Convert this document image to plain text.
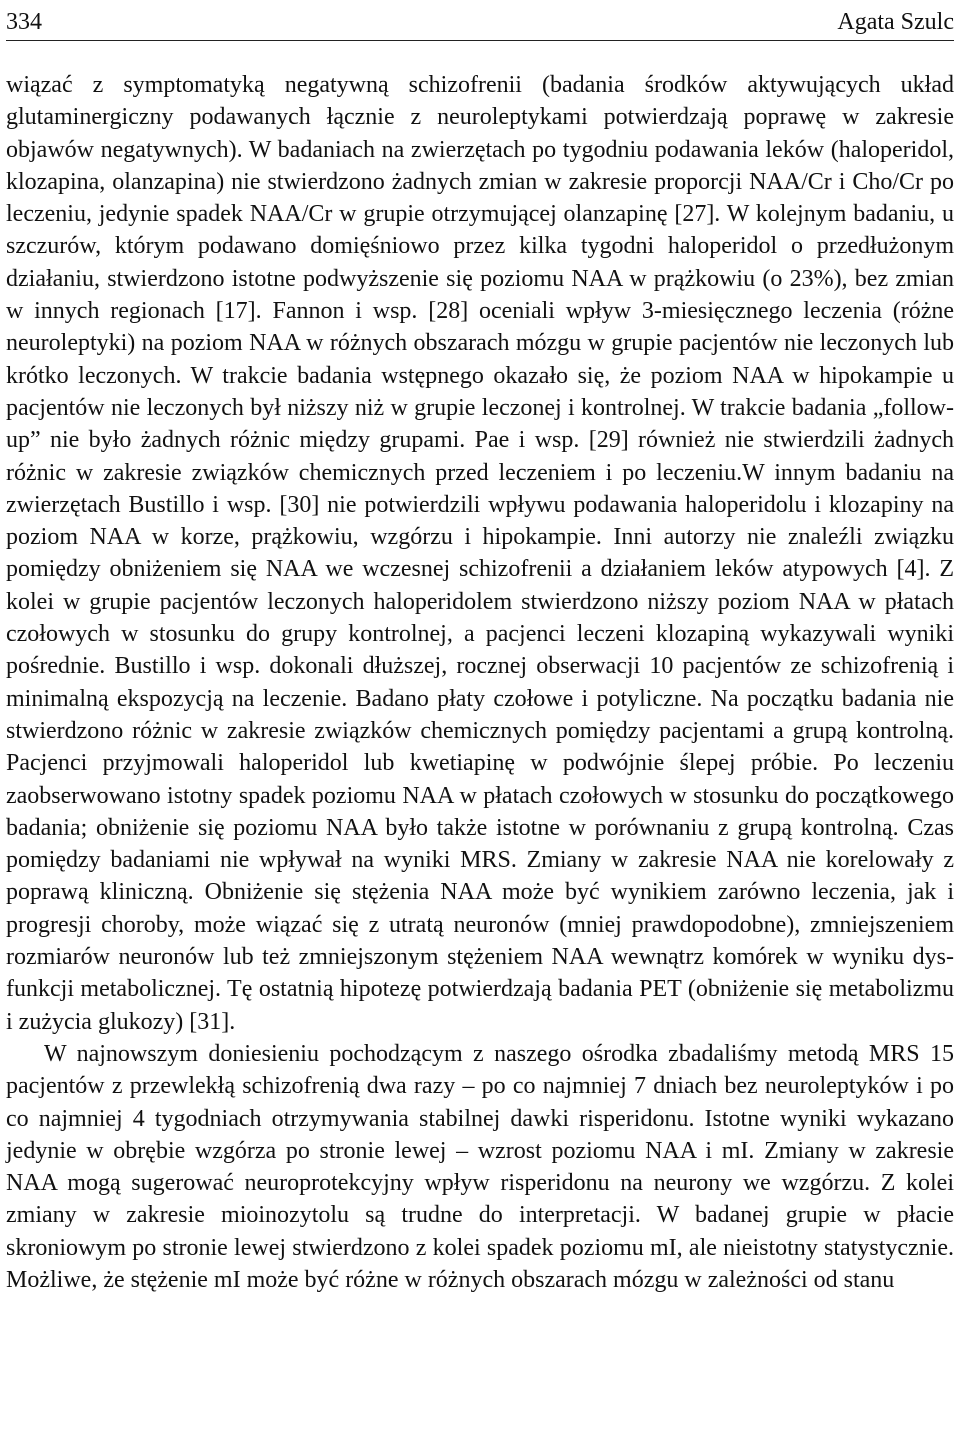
334	Agata Szulc

wiązać z symptomatyką negatywną schizofrenii (badania środków aktywujących układ glutaminergiczny podawanych łącznie z neuroleptykami potwierdzają poprawę w zakresie objawów negatywnych). W badaniach na zwierzętach po tygodniu podawania leków (haloperidol, klozapina, olanzapina) nie stwierdzono żadnych zmian w zakresie proporcji NAA/Cr i Cho/Cr po leczeniu, jedynie spadek NAA/Cr w grupie otrzymującej olanzapinę [27]. W kolejnym badaniu, u szczurów, którym podawano domięśniowo przez kilka tygodni haloperidol o przedłużonym działaniu, stwierdzono istotne podwyższenie się poziomu NAA w prążkowiu (o 23%), bez zmian w innych regionach [17]. Fannon i wsp. [28] oceniali wpływ 3-miesięcznego leczenia (różne neuroleptyki) na poziom NAA w różnych obszarach mózgu w grupie pacjentów nie leczonych lub krótko leczonych. W trakcie badania wstępnego okazało się, że poziom NAA w hipokampie u pacjentów nie leczonych był niższy niż w grupie leczonej i kontrolnej. W trakcie badania „follow-up” nie było żadnych różnic między grupami. Pae i wsp. [29] również nie stwierdzili żadnych różnic w zakresie związków chemicznych przed leczeniem i po leczeniu.W innym badaniu na zwierzętach Bustillo i wsp. [30] nie potwierdzili wpływu podawania haloperidolu i klozapiny na poziom NAA w korze, prążkowiu, wzgórzu i hipokampie. Inni autorzy nie znaleźli związku pomiędzy obniżeniem się NAA we wczesnej schizofrenii a działaniem leków atypowych [4]. Z kolei w grupie pacjentów leczonych haloperidolem stwierdzono niższy poziom NAA w płatach czołowych w stosunku do grupy kontrolnej, a pacjenci leczeni klozapiną wykazywali wyniki pośrednie. Bustillo i wsp. dokonali dłuższej, rocznej obserwacji 10 pacjentów ze schizofrenią i minimalną ekspozycją na leczenie. Badano płaty czołowe i potyliczne. Na początku badania nie stwierdzono różnic w zakresie związków chemicznych pomiędzy pacjentami a grupą kontrolną. Pacjenci przyjmowali haloperidol lub kwetiapinę w podwójnie ślepej próbie. Po leczeniu zaobserwowano istotny spadek poziomu NAA w płatach czołowych w stosunku do początkowego badania; obniżenie się poziomu NAA było także istotne w porównaniu z grupą kontrolną. Czas pomiędzy badaniami nie wpływał na wyniki MRS. Zmiany w zakresie NAA nie korelowały z poprawą kliniczną. Obniżenie się stężenia NAA może być wynikiem zarówno leczenia, jak i progresji choroby, może wiązać się z utratą neuronów (mniej prawdopodobne), zmniejszeniem rozmiarów neuronów lub też zmniejszonym stężeniem NAA wewnątrz komórek w wyniku dysfunkcji metabolicznej. Tę ostatnią hipotezę potwierdzają badania PET (obniżenie się metabolizmu i zużycia glukozy) [31].

W najnowszym doniesieniu pochodzącym z naszego ośrodka zbadaliśmy metodą MRS 15 pacjentów z przewlekłą schizofrenią dwa razy – po co najmniej 7 dniach bez neuroleptyków i po co najmniej 4 tygodniach otrzymywania stabilnej dawki risperidonu. Istotne wyniki wykazano jedynie w obrębie wzgórza po stronie lewej – wzrost poziomu NAA i mI. Zmiany w zakresie NAA mogą sugerować neuroprotekcyjny wpływ risperidonu na neurony we wzgórzu. Z kolei zmiany w zakresie mioinozytolu są trudne do interpretacji. W badanej grupie w płacie skroniowym po stronie lewej stwierdzono z kolei spadek poziomu mI, ale nieistotny statystycznie. Możliwe, że stężenie mI może być różne w różnych obszarach mózgu w zależności od stanu
